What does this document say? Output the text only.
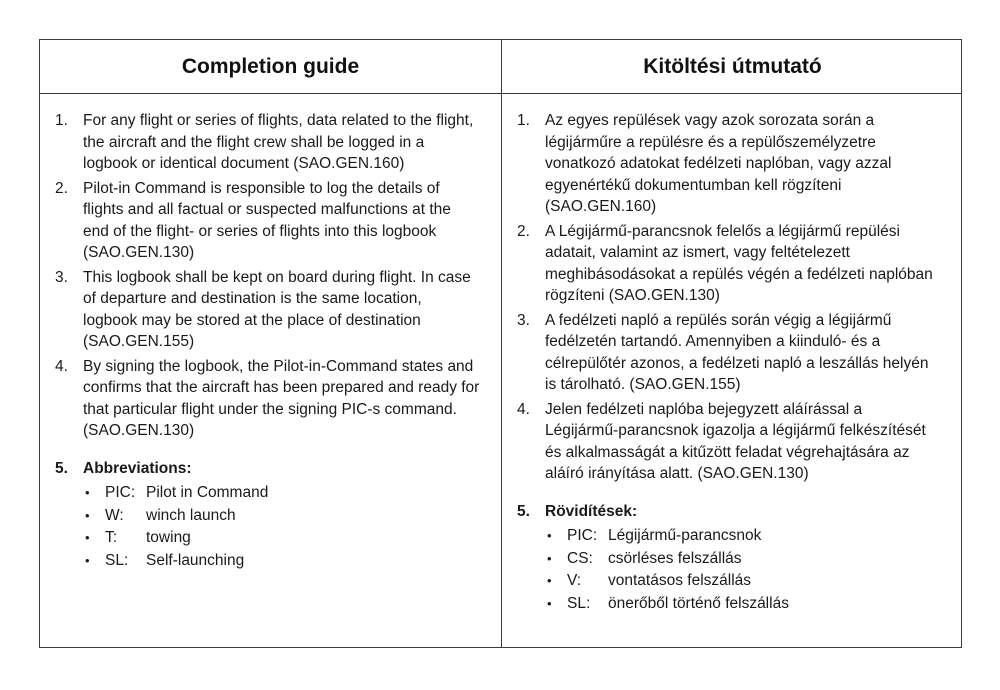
Completion guide	Kitöltési útmutató
1. For any flight or series of flights, data related to the flight, the aircraft and the flight crew shall be logged in a logbook or identical document (SAO.GEN.160)
2. Pilot-in Command is responsible to log the details of flights and all factual or suspected malfunctions at the end of the flight- or series of flights into this logbook (SAO.GEN.130)
3. This logbook shall be kept on board during flight. In case of departure and destination is the same location, logbook may be stored at the place of destination (SAO.GEN.155)
4. By signing the logbook, the Pilot-in-Command states and confirms that the aircraft has been prepared and ready for that particular flight under the signing PIC-s command. (SAO.GEN.130)
5. Abbreviations:
• PIC: Pilot in Command
• W: winch launch
• T: towing
• SL: Self-launching
1. Az egyes repülések vagy azok sorozata során a légijárműre a repülésre és a repülőszemélyzetre vonatkozó adatokat fedélzeti naplóban, vagy azzal egyenértékű dokumentumban kell rögzíteni (SAO.GEN.160)
2. A Légijármű-parancsnok felelős a légijármű repülési adatait, valamint az ismert, vagy feltételezett meghibásodásokat a repülés végén a fedélzeti naplóban rögzíteni (SAO.GEN.130)
3. A fedélzeti napló a repülés során végig a légijármű fedélzetén tartandó. Amennyiben a kiinduló- és a célrepülőtér azonos, a fedélzeti napló a leszállás helyén is tárolható. (SAO.GEN.155)
4. Jelen fedélzeti naplóba bejegyzett aláírással a Légijármű-parancsnok igazolja a légijármű felkészítését és alkalmasságát a kitűzött feladat végrehajtására az aláíró irányítása alatt. (SAO.GEN.130)
5. Rövidítések:
• PIC: Légijármű-parancsnok
• CS: csörléses felszállás
• V: vontatásos felszállás
• SL: önerőből történő felszállás
